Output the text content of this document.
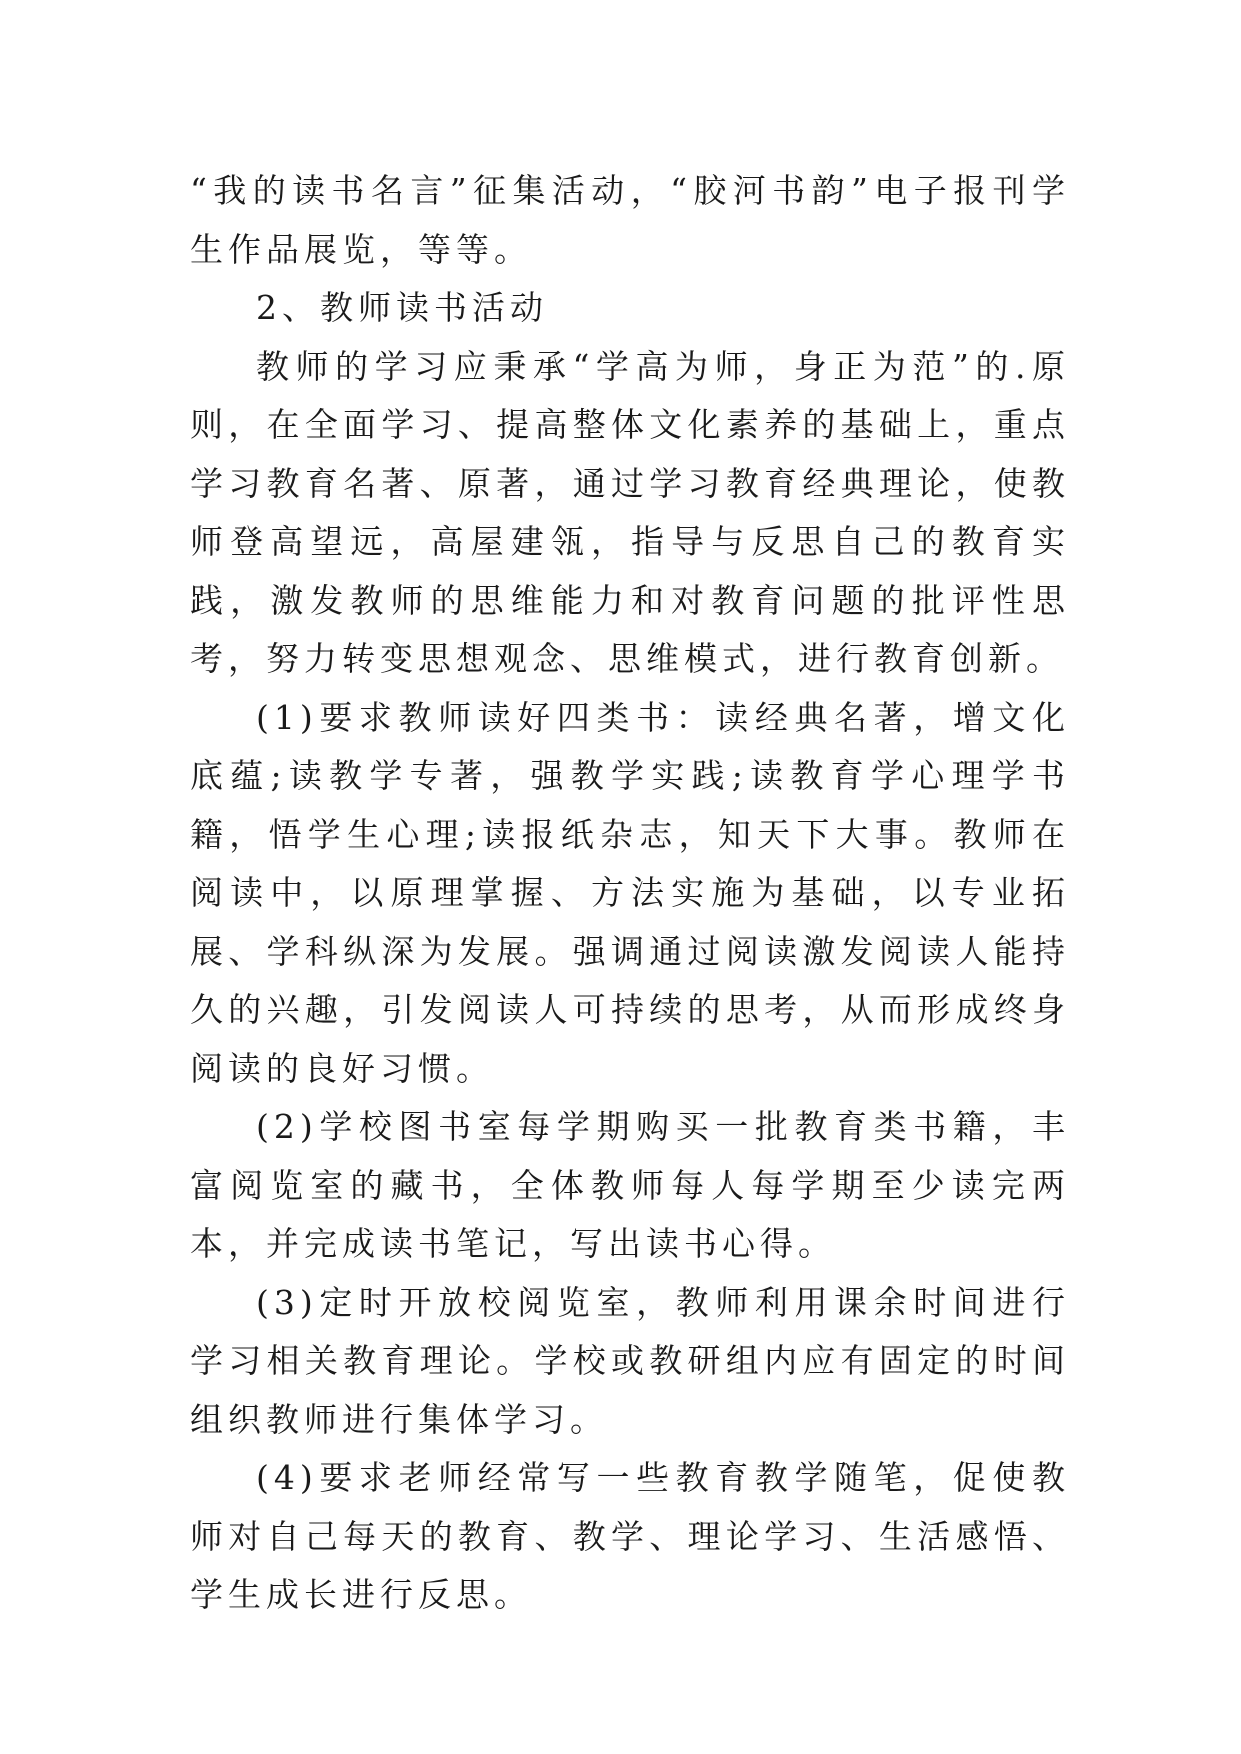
“我的读书名言”征集活动，“胶河书韵”电子报刊学生作品展览，等等。

2、教师读书活动

教师的学习应秉承“学高为师，身正为范”的.原则，在全面学习、提高整体文化素养的基础上，重点学习教育名著、原著，通过学习教育经典理论，使教师登高望远，高屋建瓴，指导与反思自己的教育实践，激发教师的思维能力和对教育问题的批评性思考，努力转变思想观念、思维模式，进行教育创新。

(1)要求教师读好四类书：读经典名著，增文化底蕴;读教学专著，强教学实践;读教育学心理学书籍，悟学生心理;读报纸杂志，知天下大事。教师在阅读中，以原理掌握、方法实施为基础，以专业拓展、学科纵深为发展。强调通过阅读激发阅读人能持久的兴趣，引发阅读人可持续的思考，从而形成终身阅读的良好习惯。

(2)学校图书室每学期购买一批教育类书籍，丰富阅览室的藏书，全体教师每人每学期至少读完两本，并完成读书笔记，写出读书心得。

(3)定时开放校阅览室，教师利用课余时间进行学习相关教育理论。学校或教研组内应有固定的时间组织教师进行集体学习。

(4)要求老师经常写一些教育教学随笔，促使教师对自己每天的教育、教学、理论学习、生活感悟、学生成长进行反思。
